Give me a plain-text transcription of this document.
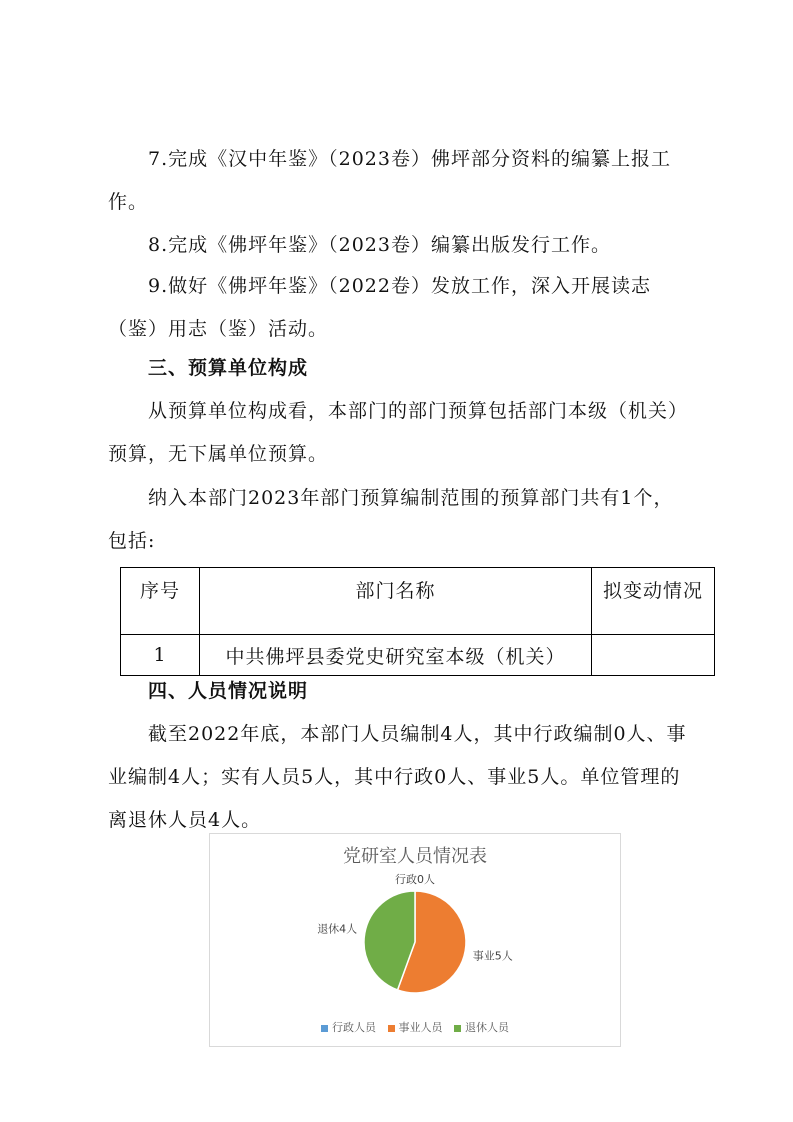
7.完成《汉中年鉴》（2023卷）佛坪部分资料的编纂上报工作。

8.完成《佛坪年鉴》（2023卷）编纂出版发行工作。

9.做好《佛坪年鉴》（2022卷）发放工作，深入开展读志（鉴）用志（鉴）活动。

三、预算单位构成

从预算单位构成看，本部门的部门预算包括部门本级（机关）预算，无下属单位预算。

纳入本部门2023年部门预算编制范围的预算部门共有1个，包括:

序号	部门名称	拟变动情况
1	中共佛坪县委党史研究室本级（机关）	
四、人员情况说明

截至2022年底，本部门人员编制4人，其中行政编制0人、事业编制4人；实有人员5人，其中行政0人、事业5人。单位管理的离退休人员4人。

党研室人员情况表
行政0人
事业5人
退休4人
行政人员 事业人员 退休人员
